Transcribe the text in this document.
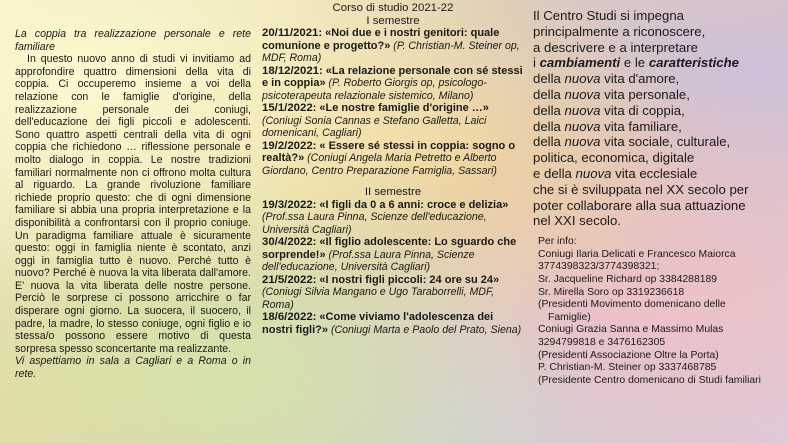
La coppia tra realizzazione personale e rete familiare

In questo nuovo anno di studi vi invitiamo ad approfondire quattro dimensioni della vita di coppia. Ci occuperemo insieme a voi della relazione con le famiglie d'origine, della realizzazione personale dei coniugi, dell'educazione dei figli piccoli e adolescenti. Sono quattro aspetti centrali della vita di ogni coppia che richiedono … riflessione personale e molto dialogo in coppia. Le nostre tradizioni familiari normalmente non ci offrono molta cultura al riguardo. La grande rivoluzione familiare richiede proprio questo: che di ogni dimensione familiare si abbia una propria interpretazione e la disponibilità a confrontarsi con il proprio coniuge. Un paradigma familiare attuale è sicuramente questo: oggi in famiglia niente è scontato, anzi oggi in famiglia tutto è nuovo. Perché tutto è nuovo? Perché è nuova la vita liberata dall'amore. E' nuova la vita liberata delle nostre persone. Perciò le sorprese ci possono arricchire o far disperare ogni giorno. La suocera, il suocero, il padre, la madre, lo stesso coniuge, ogni figlio e io stessa/o possono essere motivo di questa sorpresa spesso sconcertante ma realizzante.

Vi aspettiamo in sala a Cagliari e a Roma o in rete.

Corso di studio 2021-22
I semestre
20/11/2021: «Noi due e i nostri genitori: quale comunione e progetto?» (P. Christian-M. Steiner op, MDF, Roma)
18/12/2021: «La relazione personale con sé stessi e in coppia» (P. Roberto Giorgis op, psicologo-psicoterapeuta relazionale sistemico, Milano)
15/1/2022: «Le nostre famiglie d'origine …» (Coniugi Sonia Cannas e Stefano Galletta, Laici domenicani, Cagliari)
19/2/2022: « Essere sé stessi in coppia: sogno o realtà?» (Coniugi Angela Maria Petretto e Alberto Giordano, Centro Preparazione Famiglia, Sassari)
II semestre
19/3/2022: «I figli da 0 a 6 anni: croce e delizia» (Prof.ssa Laura Pinna, Scienze dell'educazione, Università Cagliari)
30/4/2022: «Il figlio adolescente: Lo sguardo che sorprende!» (Prof.ssa Laura Pinna, Scienze dell'educazione, Università Cagliari)
21/5/2022: «I nostri figli piccoli: 24 ore su 24» (Coniugi Silvia Mangano e Ugo Taraborrelli, MDF, Roma)
18/6/2022: «Come viviamo l'adolescenza dei nostri figli?» (Coniugi Marta e Paolo del Prato, Siena)
Il Centro Studi si impegna
principalmente a riconoscere,
a descrivere e a interpretare
i cambiamenti e le caratteristiche
della nuova vita d'amore,
della nuova vita personale,
della nuova vita di coppia,
della nuova vita familiare,
della nuova vita sociale, culturale,
politica, economica, digitale
e della nuova vita ecclesiale
che si è sviluppata nel XX secolo per
poter collaborare alla sua attuazione
nel XXI secolo.
Per info:
Coniugi Ilaria Delicati e Francesco Maiorca
3774398323/3774398321;
Sr. Jacqueline Richard op 3384288189
Sr. Mirella Soro op 3319236618
(Presidenti Movimento domenicano delle
Famiglie)
Coniugi Grazia Sanna e Massimo Mulas
3294799818 e 3476162305
(Presidenti Associazione Oltre la Porta)
P. Christian-M. Steiner op 3337468785
(Presidente Centro domenicano di Studi familiari
